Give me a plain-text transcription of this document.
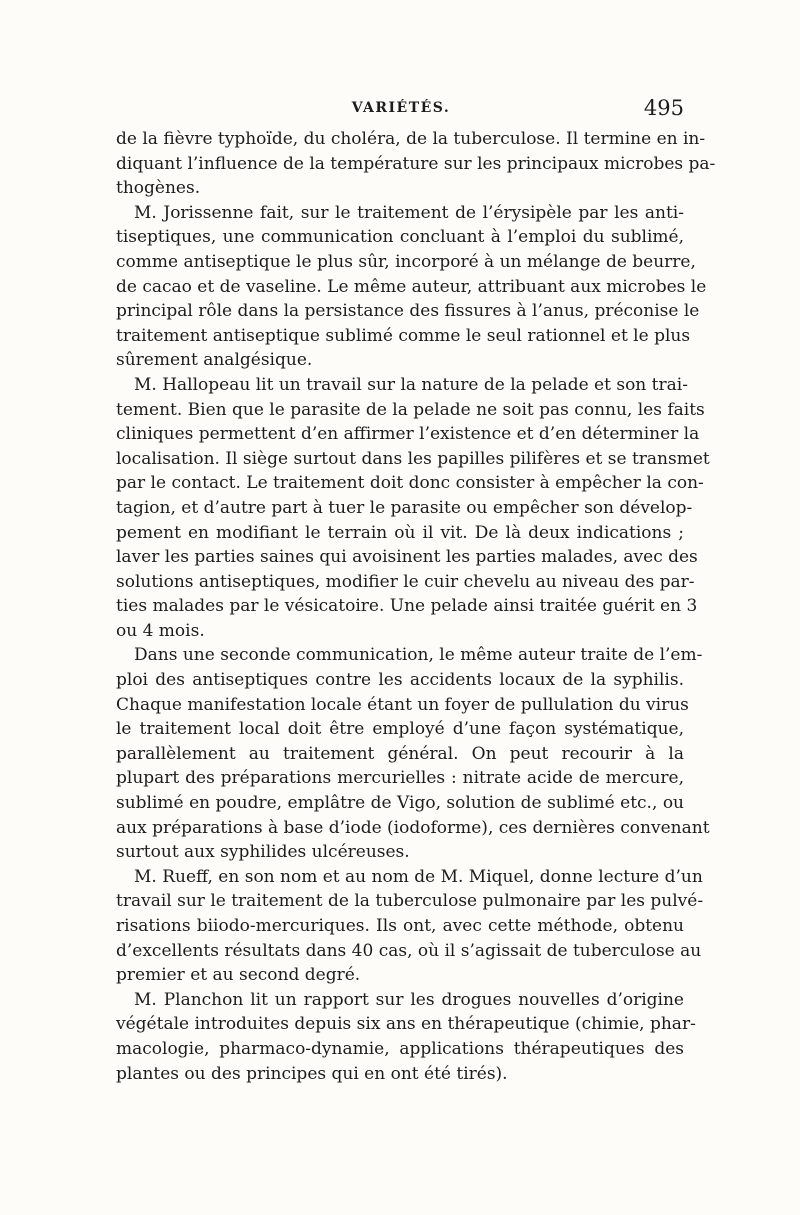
VARIÉTÉS.	495
de la fièvre typhoïde, du choléra, de la tuberculose. Il termine en in-
diquant l’influence de la température sur les principaux microbes pa-
thogènes.
M. Jorissenne fait, sur le traitement de l’érysipèle par les anti-
tiseptiques, une communication concluant à l’emploi du sublimé,
comme antiseptique le plus sûr, incorporé à un mélange de beurre,
de cacao et de vaseline. Le même auteur, attribuant aux microbes le
principal rôle dans la persistance des fissures à l’anus, préconise le
traitement antiseptique sublimé comme le seul rationnel et le plus
sûrement analgésique.
M. Hallopeau lit un travail sur la nature de la pelade et son trai-
tement. Bien que le parasite de la pelade ne soit pas connu, les faits
cliniques permettent d’en affirmer l’existence et d’en déterminer la
localisation. Il siège surtout dans les papilles pilifères et se transmet
par le contact. Le traitement doit donc consister à empêcher la con-
tagion, et d’autre part à tuer le parasite ou empêcher son dévelop-
pement en modifiant le terrain où il vit. De là deux indications ;
laver les parties saines qui avoisinent les parties malades, avec des
solutions antiseptiques, modifier le cuir chevelu au niveau des par-
ties malades par le vésicatoire. Une pelade ainsi traitée guérit en 3
ou 4 mois.
Dans une seconde communication, le même auteur traite de l’em-
ploi des antiseptiques contre les accidents locaux de la syphilis.
Chaque manifestation locale étant un foyer de pullulation du virus
le traitement local doit être employé d’une façon systématique,
parallèlement au traitement général. On peut recourir à la
plupart des préparations mercurielles : nitrate acide de mercure,
sublimé en poudre, emplâtre de Vigo, solution de sublimé etc., ou
aux préparations à base d’iode (iodoforme), ces dernières convenant
surtout aux syphilides ulcéreuses.
M. Rueff, en son nom et au nom de M. Miquel, donne lecture d’un
travail sur le traitement de la tuberculose pulmonaire par les pulvé-
risations biiodo-mercuriques. Ils ont, avec cette méthode, obtenu
d’excellents résultats dans 40 cas, où il s’agissait de tuberculose au
premier et au second degré.
M. Planchon lit un rapport sur les drogues nouvelles d’origine
végétale introduites depuis six ans en thérapeutique (chimie, phar-
macologie, pharmaco-dynamie, applications thérapeutiques des
plantes ou des principes qui en ont été tirés).
